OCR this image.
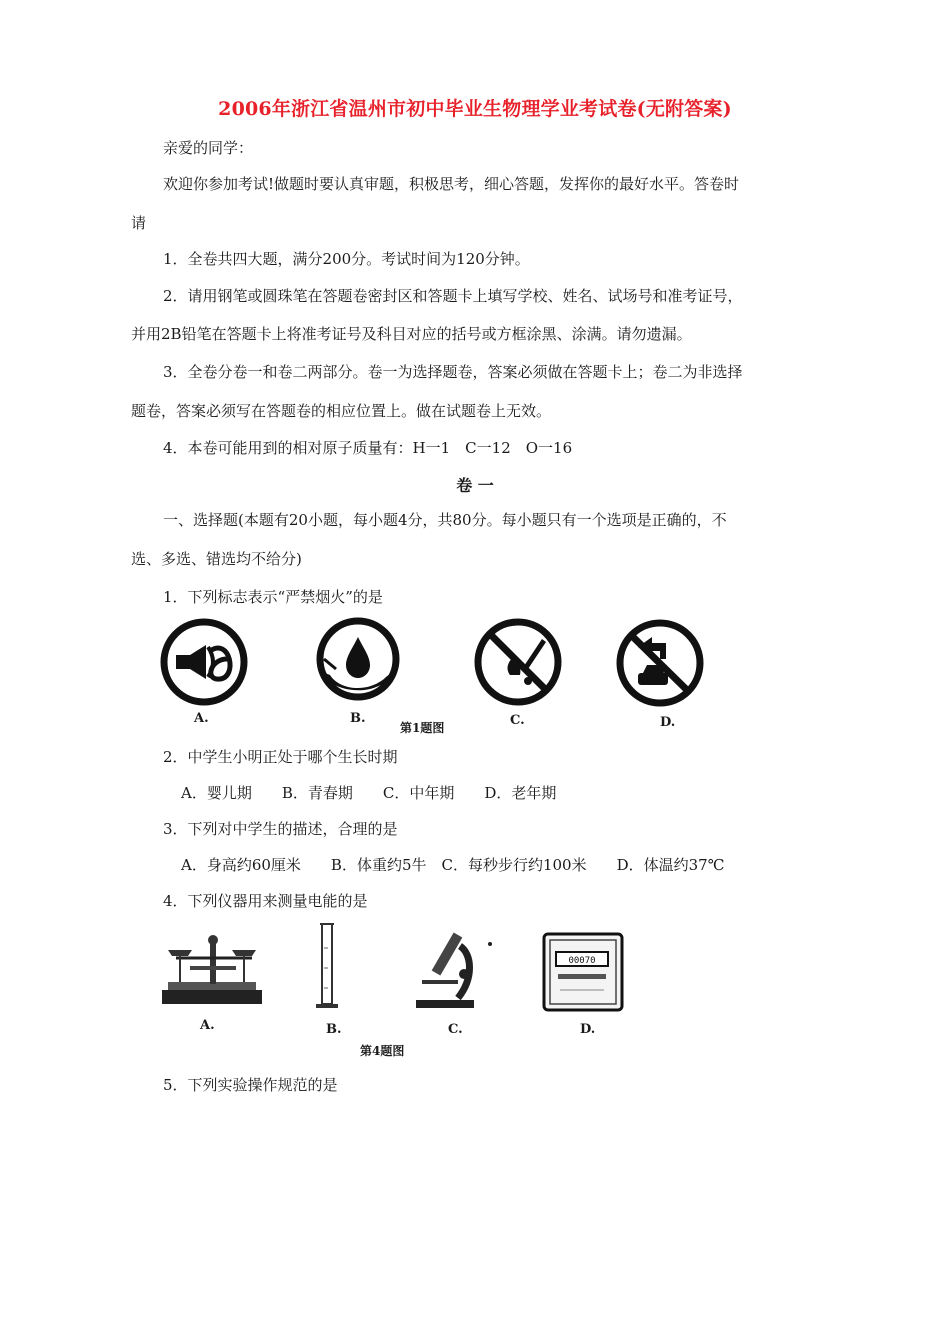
2006年浙江省温州市初中毕业生物理学业考试卷(无附答案)
亲爱的同学：
欢迎你参加考试!做题时要认真审题，积极思考，细心答题，发挥你的最好水平。答卷时
请
1．全卷共四大题，满分200分。考试时间为120分钟。
2．请用钢笔或圆珠笔在答题卷密封区和答题卡上填写学校、姓名、试场号和准考证号，
并用2B铅笔在答题卡上将准考证号及科目对应的括号或方框涂黑、涂满。请勿遗漏。
3．全卷分卷一和卷二两部分。卷一为选择题卷，答案必须做在答题卡上；卷二为非选择
题卷，答案必须写在答题卷的相应位置上。做在试题卷上无效。
4．本卷可能用到的相对原子质量有：H一1　C一12　O一16
卷 一
一、选择题(本题有20小题，每小题4分，共80分。每小题只有一个选项是正确的，不
选、多选、错选均不给分)
1．下列标志表示“严禁烟火”的是
A.	B.
第1题图	C.	D.
2．中学生小明正处于哪个生长时期
A．婴儿期　　B．青春期　　C．中年期　　D．老年期
3．下列对中学生的描述，合理的是
A．身高约60厘米　　B．体重约5牛　C．每秒步行约100米　　D．体温约37℃
4．下列仪器用来测量电能的是
00070
A.	B.
第4题图
C.	D.
5．下列实验操作规范的是
